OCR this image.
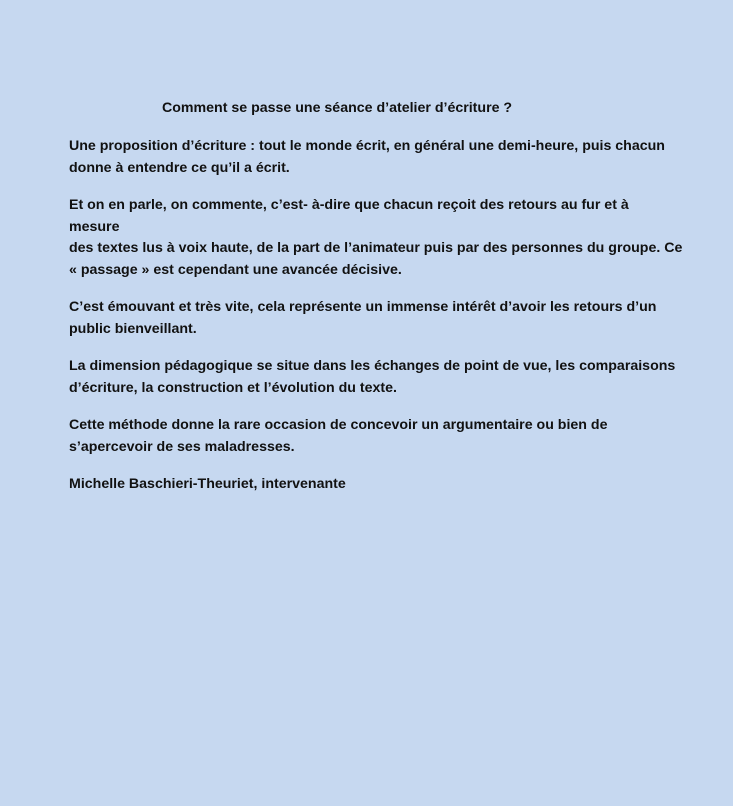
Comment se passe une séance d’atelier d’écriture ?

Une proposition d’écriture : tout le monde écrit, en général une demi-heure, puis chacun
donne à entendre ce qu’il a écrit.

Et on en parle, on commente, c’est- à-dire que chacun reçoit des retours au fur et à mesure
des textes lus à voix haute, de la part de l’animateur puis par des personnes du groupe. Ce
« passage » est cependant une avancée décisive.

C’est émouvant et très vite, cela représente un immense intérêt d’avoir les retours d’un
public bienveillant.

La dimension pédagogique se situe dans les échanges de point de vue, les comparaisons
d’écriture, la construction et l’évolution du texte.

Cette méthode donne la rare occasion de concevoir un argumentaire ou bien de
s’apercevoir de ses maladresses.

Michelle Baschieri-Theuriet, intervenante
